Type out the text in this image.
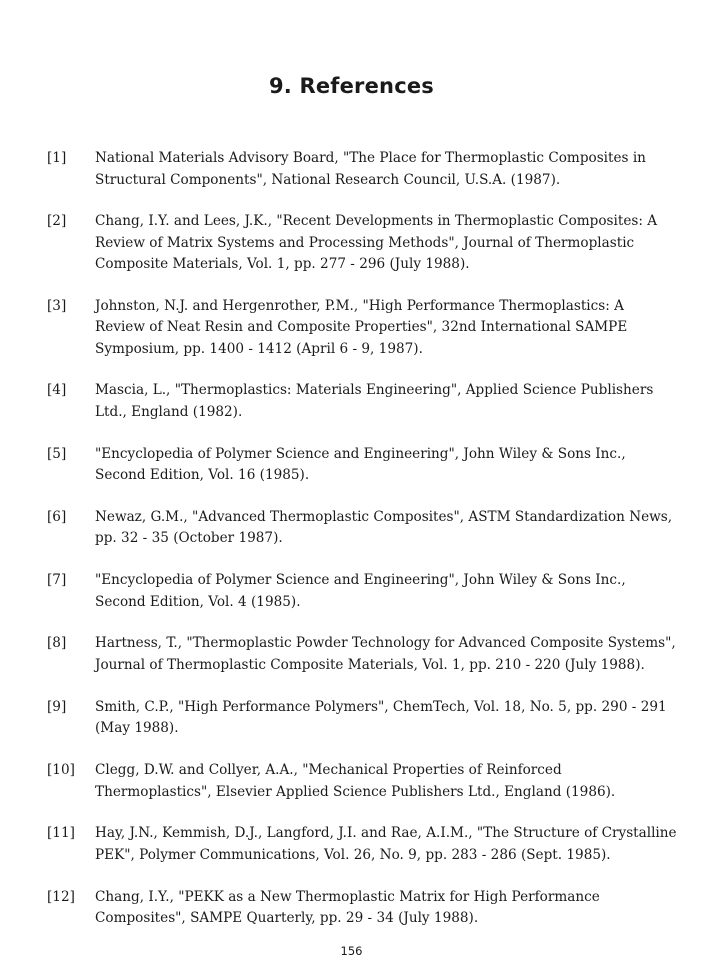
9. References
[1]	National Materials Advisory Board, "The Place for Thermoplastic Composites in Structural Components", National Research Council, U.S.A. (1987).
[2]	Chang, I.Y. and Lees, J.K., "Recent Developments in Thermoplastic Composites: A Review of Matrix Systems and Processing Methods", Journal of Thermoplastic Composite Materials, Vol. 1, pp. 277 - 296 (July 1988).
[3]	Johnston, N.J. and Hergenrother, P.M., "High Performance Thermoplastics: A Review of Neat Resin and Composite Properties", 32nd International SAMPE Symposium, pp. 1400 - 1412 (April 6 - 9, 1987).
[4]	Mascia, L., "Thermoplastics: Materials Engineering", Applied Science Publishers Ltd., England (1982).
[5]	"Encyclopedia of Polymer Science and Engineering", John Wiley & Sons Inc., Second Edition, Vol. 16 (1985).
[6]	Newaz, G.M., "Advanced Thermoplastic Composites", ASTM Standardization News, pp. 32 - 35 (October 1987).
[7]	"Encyclopedia of Polymer Science and Engineering", John Wiley & Sons Inc., Second Edition, Vol. 4 (1985).
[8]	Hartness, T., "Thermoplastic Powder Technology for Advanced Composite Systems", Journal of Thermoplastic Composite Materials, Vol. 1, pp. 210 - 220 (July 1988).
[9]	Smith, C.P., "High Performance Polymers", ChemTech, Vol. 18, No. 5, pp. 290 - 291 (May 1988).
[10]	Clegg, D.W. and Collyer, A.A., "Mechanical Properties of Reinforced Thermoplastics", Elsevier Applied Science Publishers Ltd., England (1986).
[11]	Hay, J.N., Kemmish, D.J., Langford, J.I. and Rae, A.I.M., "The Structure of Crystalline PEK", Polymer Communications, Vol. 26, No. 9, pp. 283 - 286 (Sept. 1985).
[12]	Chang, I.Y., "PEKK as a New Thermoplastic Matrix for High Performance Composites", SAMPE Quarterly, pp. 29 - 34 (July 1988).
156
